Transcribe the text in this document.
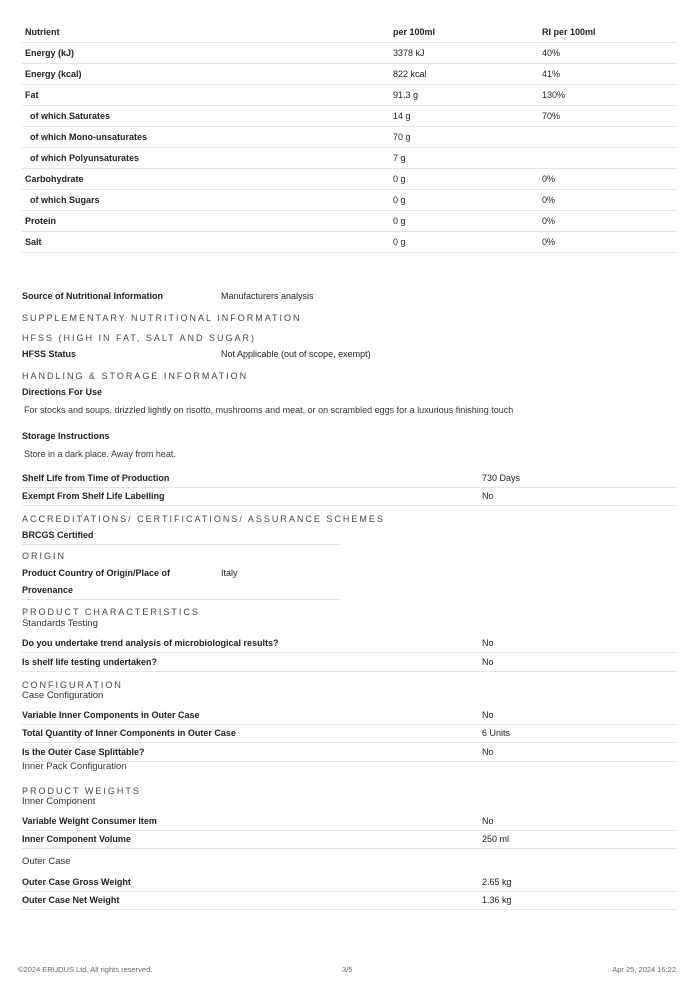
Nutrient	per 100ml	RI per 100ml
Energy (kJ)	3378 kJ	40%
Energy (kcal)	822 kcal	41%
Fat	91.3 g	130%
of which Saturates	14 g	70%
of which Mono-unsaturates	70 g	
of which Polyunsaturates	7 g	
Carbohydrate	0 g	0%
of which Sugars	0 g	0%
Protein	0 g	0%
Salt	0 g	0%
Source of Nutritional Information	Manufacturers analysis
SUPPLEMENTARY NUTRITIONAL INFORMATION
HFSS (HIGH IN FAT, SALT AND SUGAR)
HFSS Status	Not Applicable (out of scope, exempt)
HANDLING & STORAGE INFORMATION
Directions For Use
For stocks and soups, drizzled lightly on risotto, mushrooms and meat, or on scrambled eggs for a luxurious finishing touch
Storage Instructions
Store in a dark place. Away from heat.
Shelf Life from Time of Production	730 Days
Exempt From Shelf Life Labelling	No
ACCREDITATIONS/ CERTIFICATIONS/ ASSURANCE SCHEMES
BRCGS Certified
ORIGIN
Product Country of Origin/Place of	Italy
Provenance
PRODUCT CHARACTERISTICS
Standards Testing
Do you undertake trend analysis of microbiological results?	No
Is shelf life testing undertaken?	No
CONFIGURATION
Case Configuration
Variable Inner Components in Outer Case	No
Total Quantity of Inner Components in Outer Case	6 Units
Is the Outer Case Splittable?	No
Inner Pack Configuration
PRODUCT WEIGHTS
Inner Component
Variable Weight Consumer Item	No
Inner Component Volume	250 ml
Outer Case
Outer Case Gross Weight	2.65 kg
Outer Case Net Weight	1.36 kg
©2024 ERUDUS Ltd. All rights reserved.	3/5	Apr 25, 2024 16:22
